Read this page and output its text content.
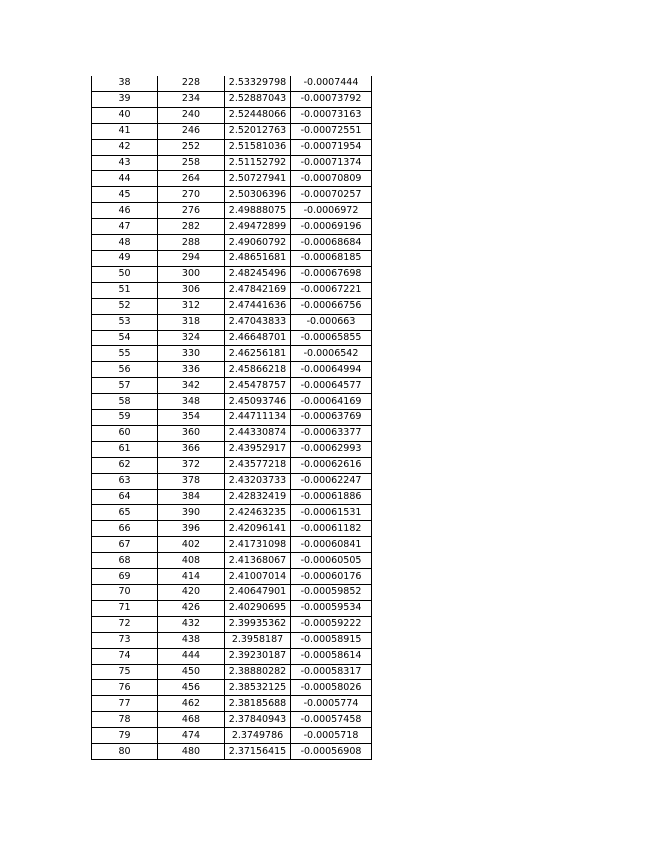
38	228	2.53329798	-0.0007444
39	234	2.52887043	-0.00073792
40	240	2.52448066	-0.00073163
41	246	2.52012763	-0.00072551
42	252	2.51581036	-0.00071954
43	258	2.51152792	-0.00071374
44	264	2.50727941	-0.00070809
45	270	2.50306396	-0.00070257
46	276	2.49888075	-0.0006972
47	282	2.49472899	-0.00069196
48	288	2.49060792	-0.00068684
49	294	2.48651681	-0.00068185
50	300	2.48245496	-0.00067698
51	306	2.47842169	-0.00067221
52	312	2.47441636	-0.00066756
53	318	2.47043833	-0.000663
54	324	2.46648701	-0.00065855
55	330	2.46256181	-0.0006542
56	336	2.45866218	-0.00064994
57	342	2.45478757	-0.00064577
58	348	2.45093746	-0.00064169
59	354	2.44711134	-0.00063769
60	360	2.44330874	-0.00063377
61	366	2.43952917	-0.00062993
62	372	2.43577218	-0.00062616
63	378	2.43203733	-0.00062247
64	384	2.42832419	-0.00061886
65	390	2.42463235	-0.00061531
66	396	2.42096141	-0.00061182
67	402	2.41731098	-0.00060841
68	408	2.41368067	-0.00060505
69	414	2.41007014	-0.00060176
70	420	2.40647901	-0.00059852
71	426	2.40290695	-0.00059534
72	432	2.39935362	-0.00059222
73	438	2.3958187	-0.00058915
74	444	2.39230187	-0.00058614
75	450	2.38880282	-0.00058317
76	456	2.38532125	-0.00058026
77	462	2.38185688	-0.0005774
78	468	2.37840943	-0.00057458
79	474	2.3749786	-0.0005718
80	480	2.37156415	-0.00056908
